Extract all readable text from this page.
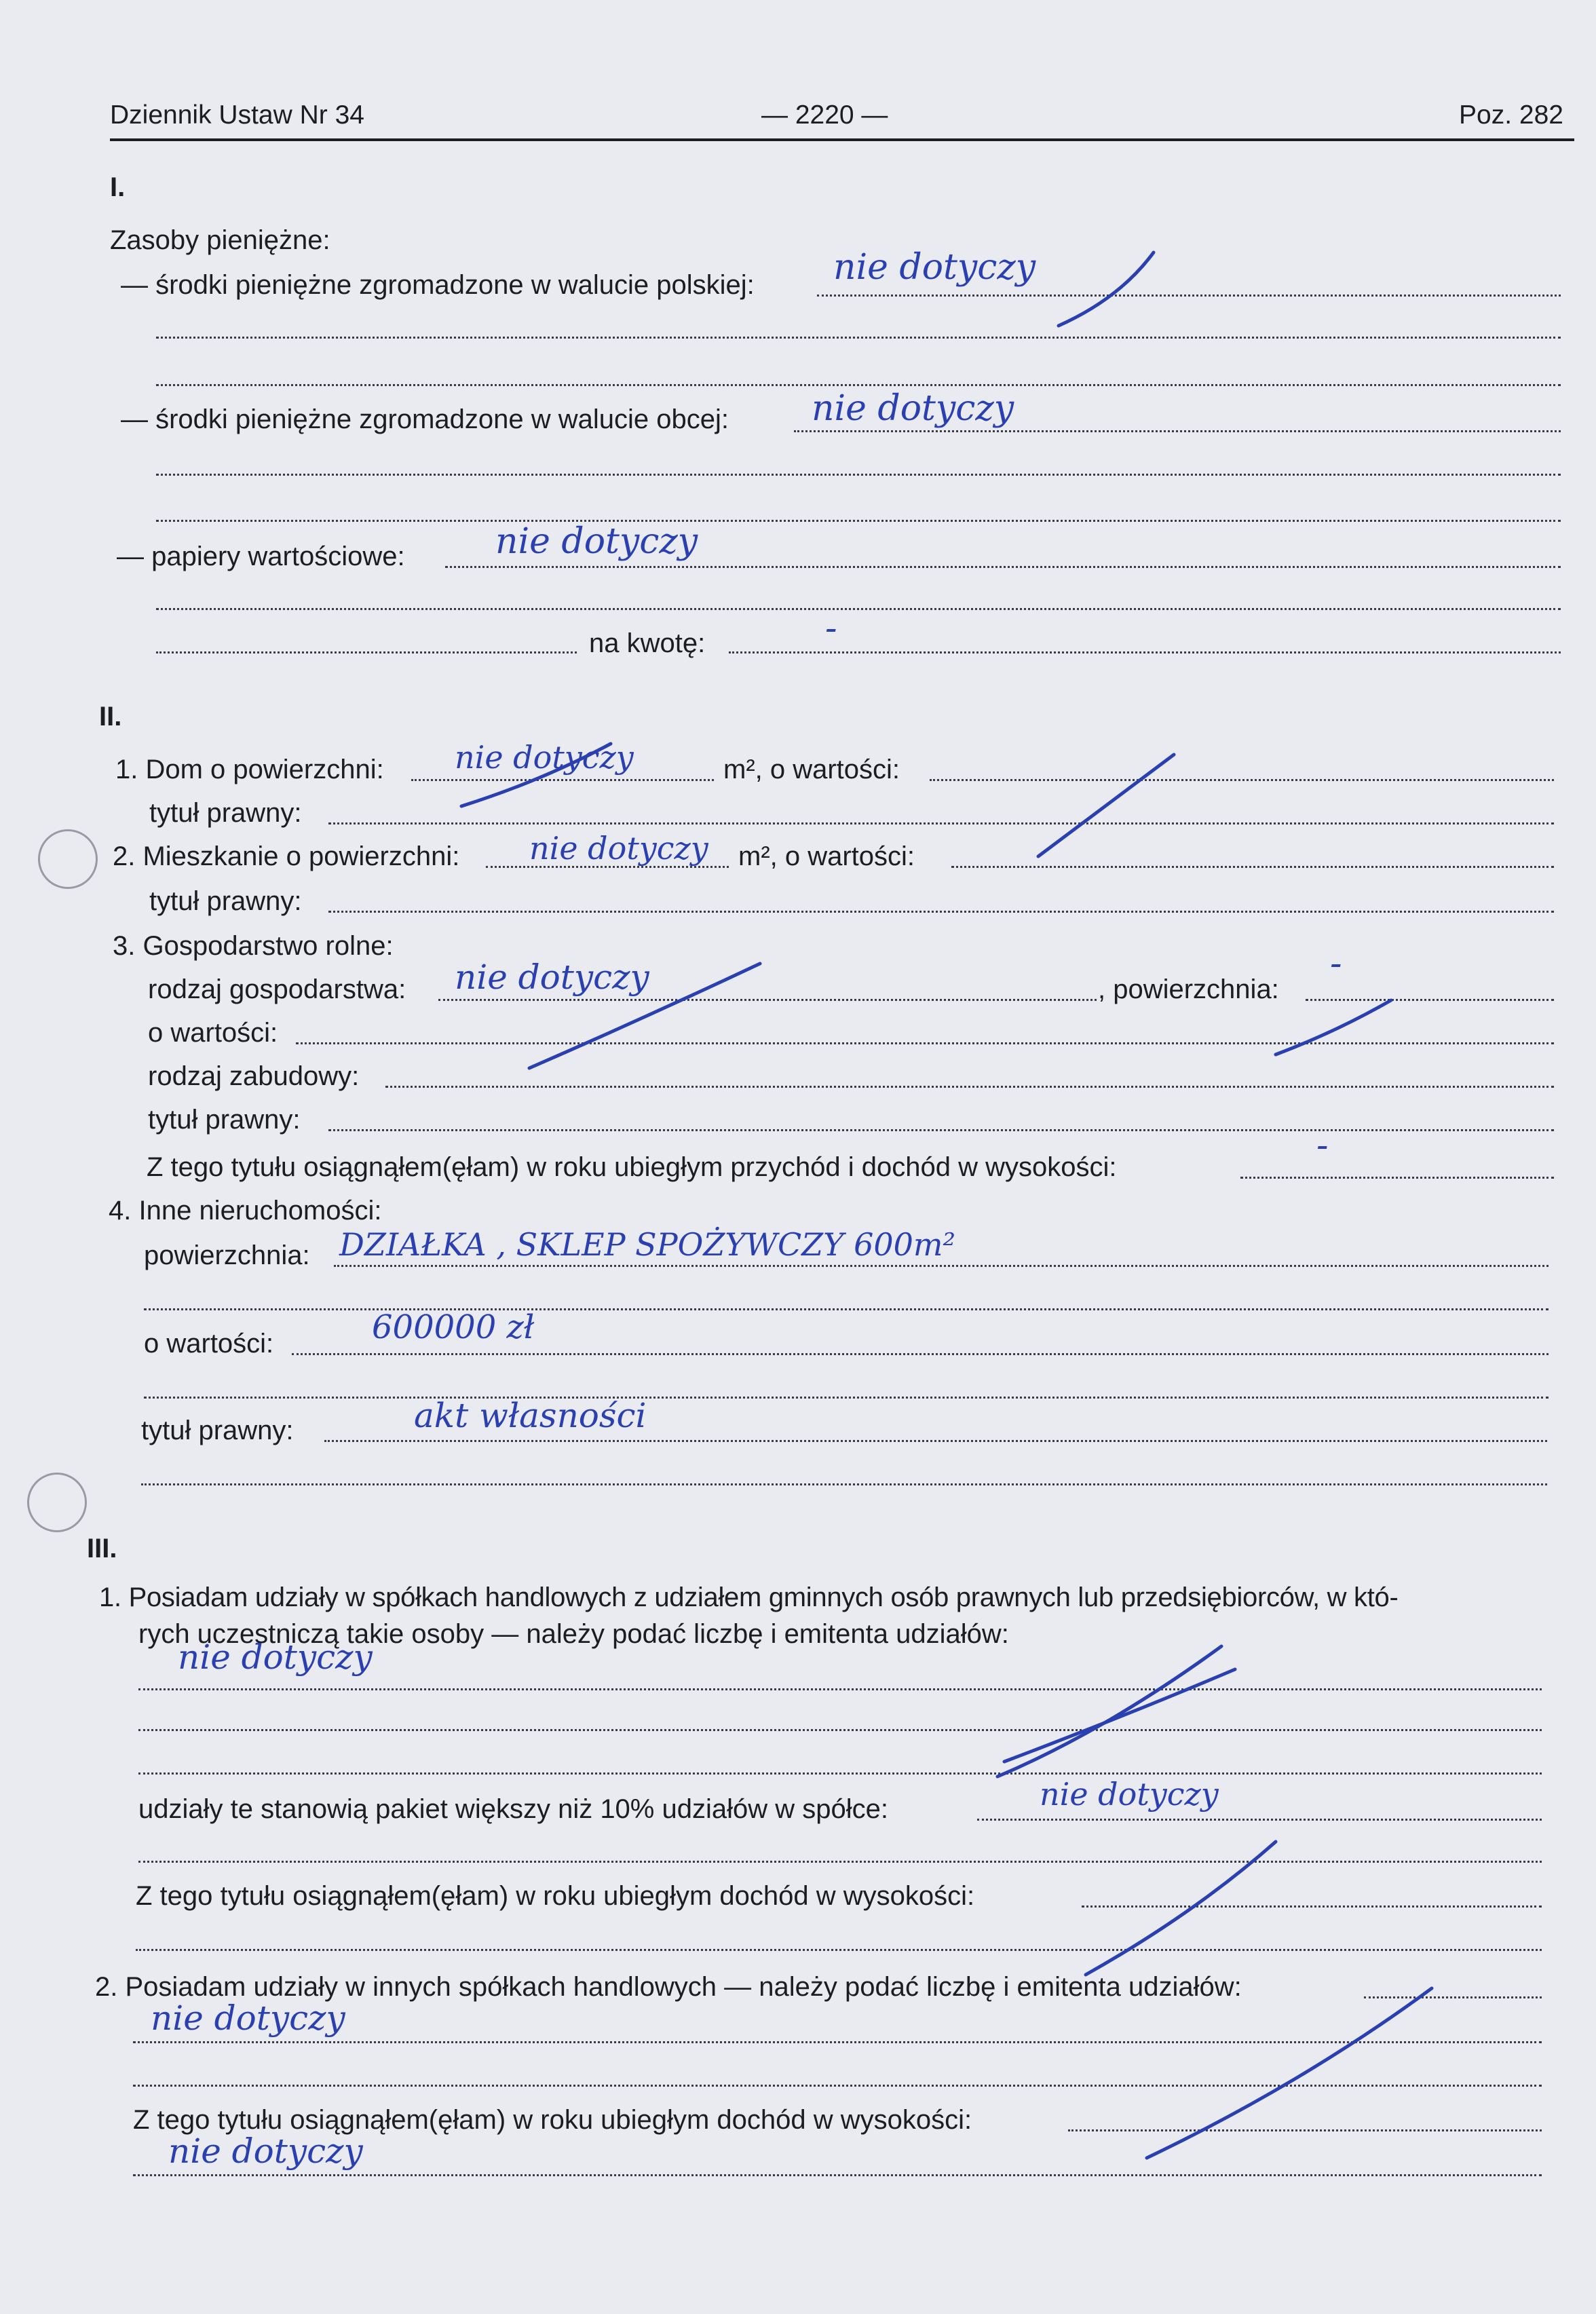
Dziennik Ustaw Nr 34	— 2220 —	Poz. 282
I.
Zasoby pieniężne:
— środki pieniężne zgromadzone w walucie polskiej: nie dotyczy
— środki pieniężne zgromadzone w walucie obcej: nie dotyczy
— papiery wartościowe:	nie dotyczy
na kwotę:	-
II.
1. Dom o powierzchni: nie dotyczy	m², o wartości:
tytuł prawny:
2. Mieszkanie o powierzchni: nie dotyczy m², o wartości:
tytuł prawny:
3. Gospodarstwo rolne:
rodzaj gospodarstwa: nie dotyczy	, powierzchnia:
-
o wartości:
rodzaj zabudowy:
tytuł prawny:
Z tego tytułu osiągnąłem(ęłam) w roku ubiegłym przychód i dochód w wysokości:
-
4. Inne nieruchomości:
powierzchnia: DZIAŁKA , SKLEP SPOŻYWCZY 600m²
o wartości:	600000 zł
tytuł prawny:	akt własności
III.
1. Posiadam udziały w spółkach handlowych z udziałem gminnych osób prawnych lub przedsiębiorców, w któ-
rych uczestniczą takie osoby — należy podać liczbę i emitenta udziałów:
nie dotyczy
udziały te stanowią pakiet większy niż 10% udziałów w spółce:	nie dotyczy
Z tego tytułu osiągnąłem(ęłam) w roku ubiegłym dochód w wysokości:
2. Posiadam udziały w innych spółkach handlowych — należy podać liczbę i emitenta udziałów:
nie dotyczy
Z tego tytułu osiągnąłem(ęłam) w roku ubiegłym dochód w wysokości:
nie dotyczy
